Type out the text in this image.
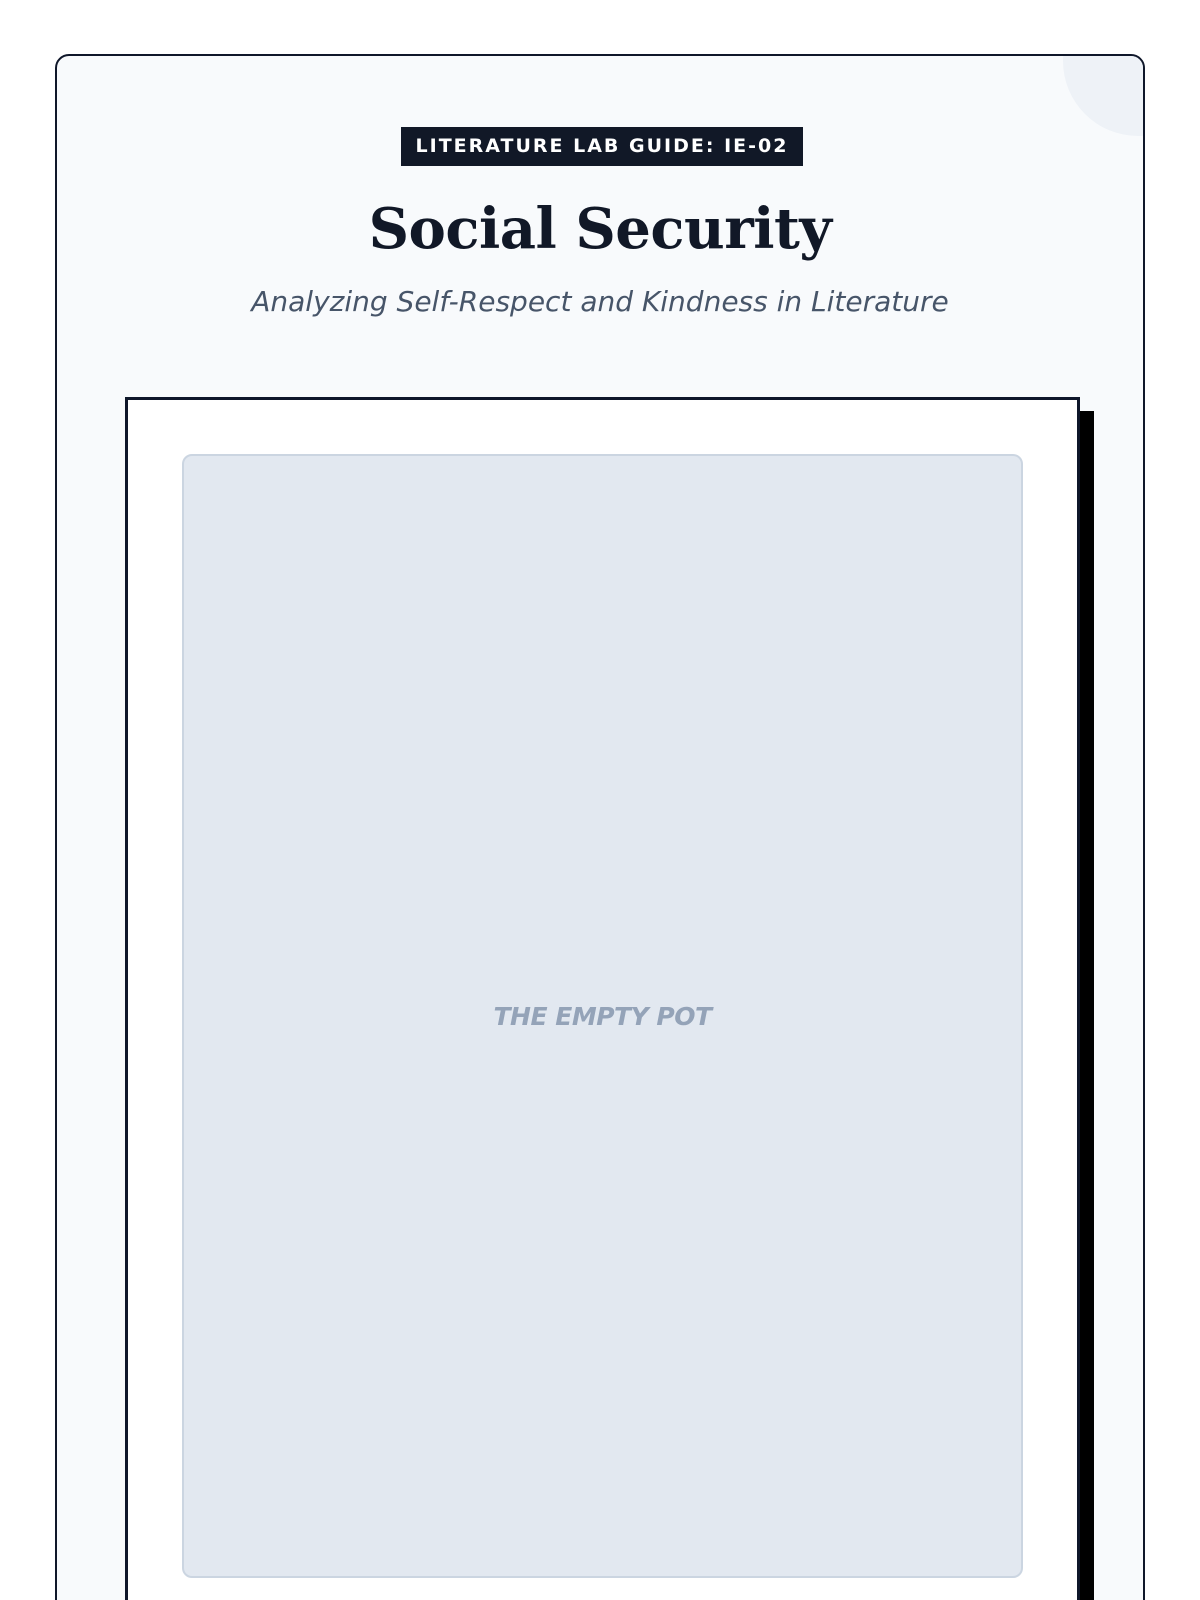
LITERATURE LAB GUIDE: IE-02
Social Security

Analyzing Self-Respect and Kindness in Literature

THE EMPTY POT
